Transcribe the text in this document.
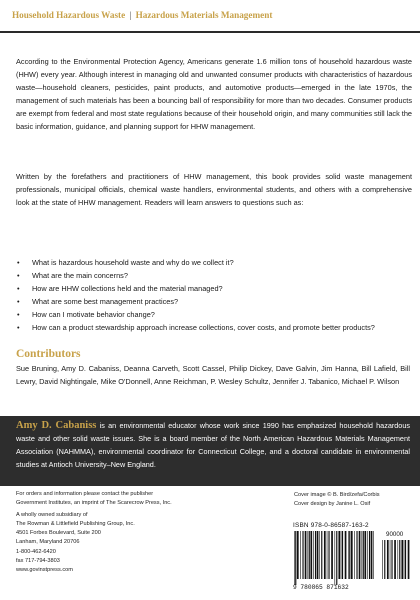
Household Hazardous Waste | Hazardous Materials Management

According to the Environmental Protection Agency, Americans generate 1.6 million tons of household hazardous waste (HHW) every year. Although interest in managing old and unwanted consumer products with characteristics of hazardous waste—household cleaners, pesticides, paint products, and automotive products—emerged in the late 1970s, the management of such materials has been a bouncing ball of responsibility for more than two decades. Consumer products are exempt from federal and most state regulations because of their household origin, and many communities still lack the basic information, guidance, and planning support for HHW management.

Written by the forefathers and practitioners of HHW management, this book provides solid waste management professionals, municipal officials, chemical waste handlers, environmental students, and others with a comprehensive look at the state of HHW management. Readers will learn answers to questions such as:

• What is hazardous household waste and why do we collect it?
• What are the main concerns?
• How are HHW collections held and the material managed?
• What are some best management practices?
• How can I motivate behavior change?
• How can a product stewardship approach increase collections, cover costs, and promote better products?
Contributors

Sue Bruning, Amy D. Cabaniss, Deanna Carveth, Scott Cassel, Philip Dickey, Dave Galvin, Jim Hanna, Bill Lafield, Bill Lewry, David Nightingale, Mike O'Donnell, Anne Reichman, P. Wesley Schultz, Jennifer J. Tabanico, Michael P. Wilson

Amy D. Cabaniss is an environmental educator whose work since 1990 has emphasized household hazardous waste and other solid waste issues. She is a board member of the North American Hazardous Materials Management Association (NAHMMA), environmental coordinator for Connecticut College, and a doctoral candidate in environmental studies at Antioch University–New England.

For orders and information please contact the publisher
Government Institutes, an imprint of The Scarecrow Press, Inc.
A wholly owned subsidiary of
The Rowman & Littlefield Publishing Group, Inc.
4501 Forbes Boulevard, Suite 200
Lanham, Maryland 20706
1-800-462-6420
fax 717-794-3803
www.govinstpress.com
Cover image © B. Bird/zefa/Corbis
Cover design by Janine L. Osif
ISBN 978-0-86587-163-2
9 780865 871632
90000
